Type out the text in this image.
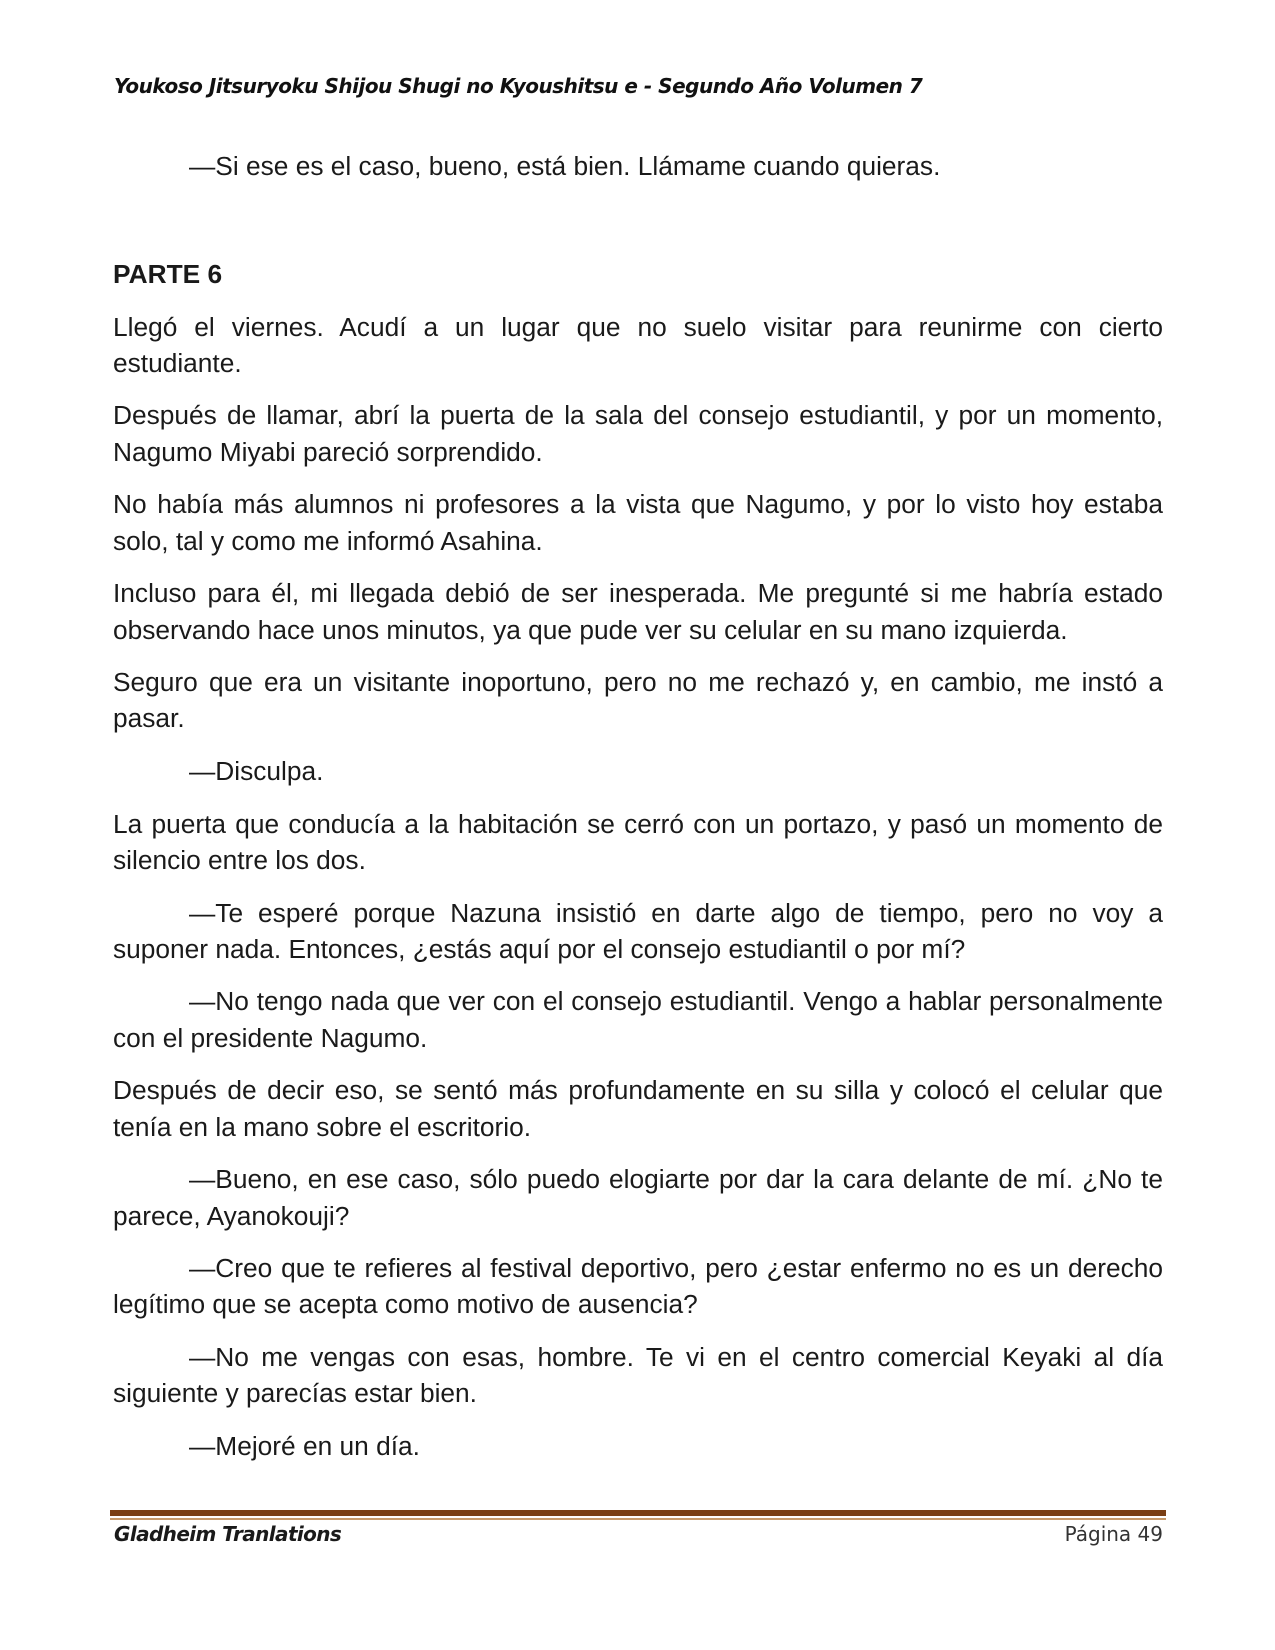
Youkoso Jitsuryoku Shijou Shugi no Kyoushitsu e - Segundo Año Volumen 7

—Si ese es el caso, bueno, está bien. Llámame cuando quieras.

PARTE 6

Llegó el viernes. Acudí a un lugar que no suelo visitar para reunirme con cierto estudiante.

Después de llamar, abrí la puerta de la sala del consejo estudiantil, y por un momento, Nagumo Miyabi pareció sorprendido.

No había más alumnos ni profesores a la vista que Nagumo, y por lo visto hoy estaba solo, tal y como me informó Asahina.

Incluso para él, mi llegada debió de ser inesperada. Me pregunté si me habría estado observando hace unos minutos, ya que pude ver su celular en su mano izquierda.

Seguro que era un visitante inoportuno, pero no me rechazó y, en cambio, me instó a pasar.

—Disculpa.

La puerta que conducía a la habitación se cerró con un portazo, y pasó un momento de silencio entre los dos.

—Te esperé porque Nazuna insistió en darte algo de tiempo, pero no voy a suponer nada. Entonces, ¿estás aquí por el consejo estudiantil o por mí?

—No tengo nada que ver con el consejo estudiantil. Vengo a hablar personalmente con el presidente Nagumo.

Después de decir eso, se sentó más profundamente en su silla y colocó el celular que tenía en la mano sobre el escritorio.

—Bueno, en ese caso, sólo puedo elogiarte por dar la cara delante de mí. ¿No te parece, Ayanokouji?

—Creo que te refieres al festival deportivo, pero ¿estar enfermo no es un derecho legítimo que se acepta como motivo de ausencia?

—No me vengas con esas, hombre. Te vi en el centro comercial Keyaki al día siguiente y parecías estar bien.

—Mejoré en un día.

Gladheim Tranlations	Página 49
